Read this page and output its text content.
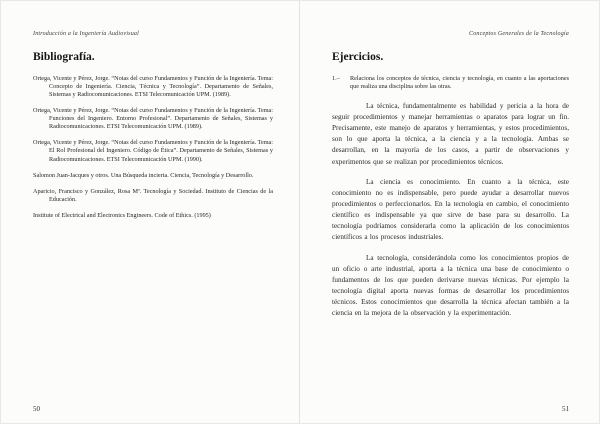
Introducción a la Ingeniería Audiovisual
Bibliografía.

Ortega, Vicente y Pérez, Jorge. “Notas del curso Fundamentos y Función de la Ingeniería. Tema: Concepto de Ingeniería. Ciencia, Técnica y Tecnología”. Departamento de Señales, Sistemas y Radiocomunicaciones. ETSI Telecomunicación UPM. (1989).

Ortega, Vicente y Pérez, Jorge. “Notas del curso Fundamentos y Función de la Ingeniería. Tema: Funciones del Ingeniero. Entorno Profesional”. Departamento de Señales, Sistemas y Radiocomunicaciones. ETSI Telecomunicación UPM. (1989).

Ortega, Vicente y Pérez, Jorge. “Notas del curso Fundamentos y Función de la Ingeniería. Tema: El Rol Profesional del Ingeniero. Código de Ética”. Departamento de Señales, Sistemas y Radiocomunicaciones. ETSI Telecomunicación UPM. (1990).

Salomon Juan-Jacques y otros. Una Búsqueda incierta. Ciencia, Tecnología y Desarrollo.

Aparicio, Francisco y González, Rosa Mª. Tecnología y Sociedad. Instituto de Ciencias de la Educación.

Institute of Electrical and Electronics Engineers. Code of Ethics. (1995)

50
Conceptos Generales de la Tecnología
Ejercicios.
1.–	Relaciona los conceptos de técnica, ciencia y tecnología, en cuanto a las aportaciones que realiza una disciplina sobre las otras.

La técnica, fundamentalmente es habilidad y pericia a la hora de seguir procedimientos y manejar herramientas o aparatos para lograr un fin. Precisamente, este manejo de aparatos y herramientas, y estos procedimientos, son lo que aporta la técnica, a la ciencia y a la tecnología. Ambas se desarrollan, en la mayoría de los casos, a partir de observaciones y experimentos que se realizan por procedimientos técnicos.

La ciencia es conocimiento. En cuanto a la técnica, este conocimiento no es indispensable, pero puede ayudar a desarrollar nuevos procedimientos o perfeccionarlos. En la tecnología en cambio, el conocimiento científico es indispensable ya que sirve de base para su desarrollo. La tecnología podríamos considerarla como la aplicación de los conocimientos científicos a los procesos industriales.

La tecnología, considerándola como los conocimientos propios de un oficio o arte industrial, aporta a la técnica una base de conocimiento o fundamentos de los que pueden derivarse nuevas técnicas. Por ejemplo la tecnología digital aporta nuevas formas de desarrollar los procedimientos técnicos. Estos conocimientos que desarrolla la técnica afectan también a la ciencia en la mejora de la observación y la experimentación.

51
